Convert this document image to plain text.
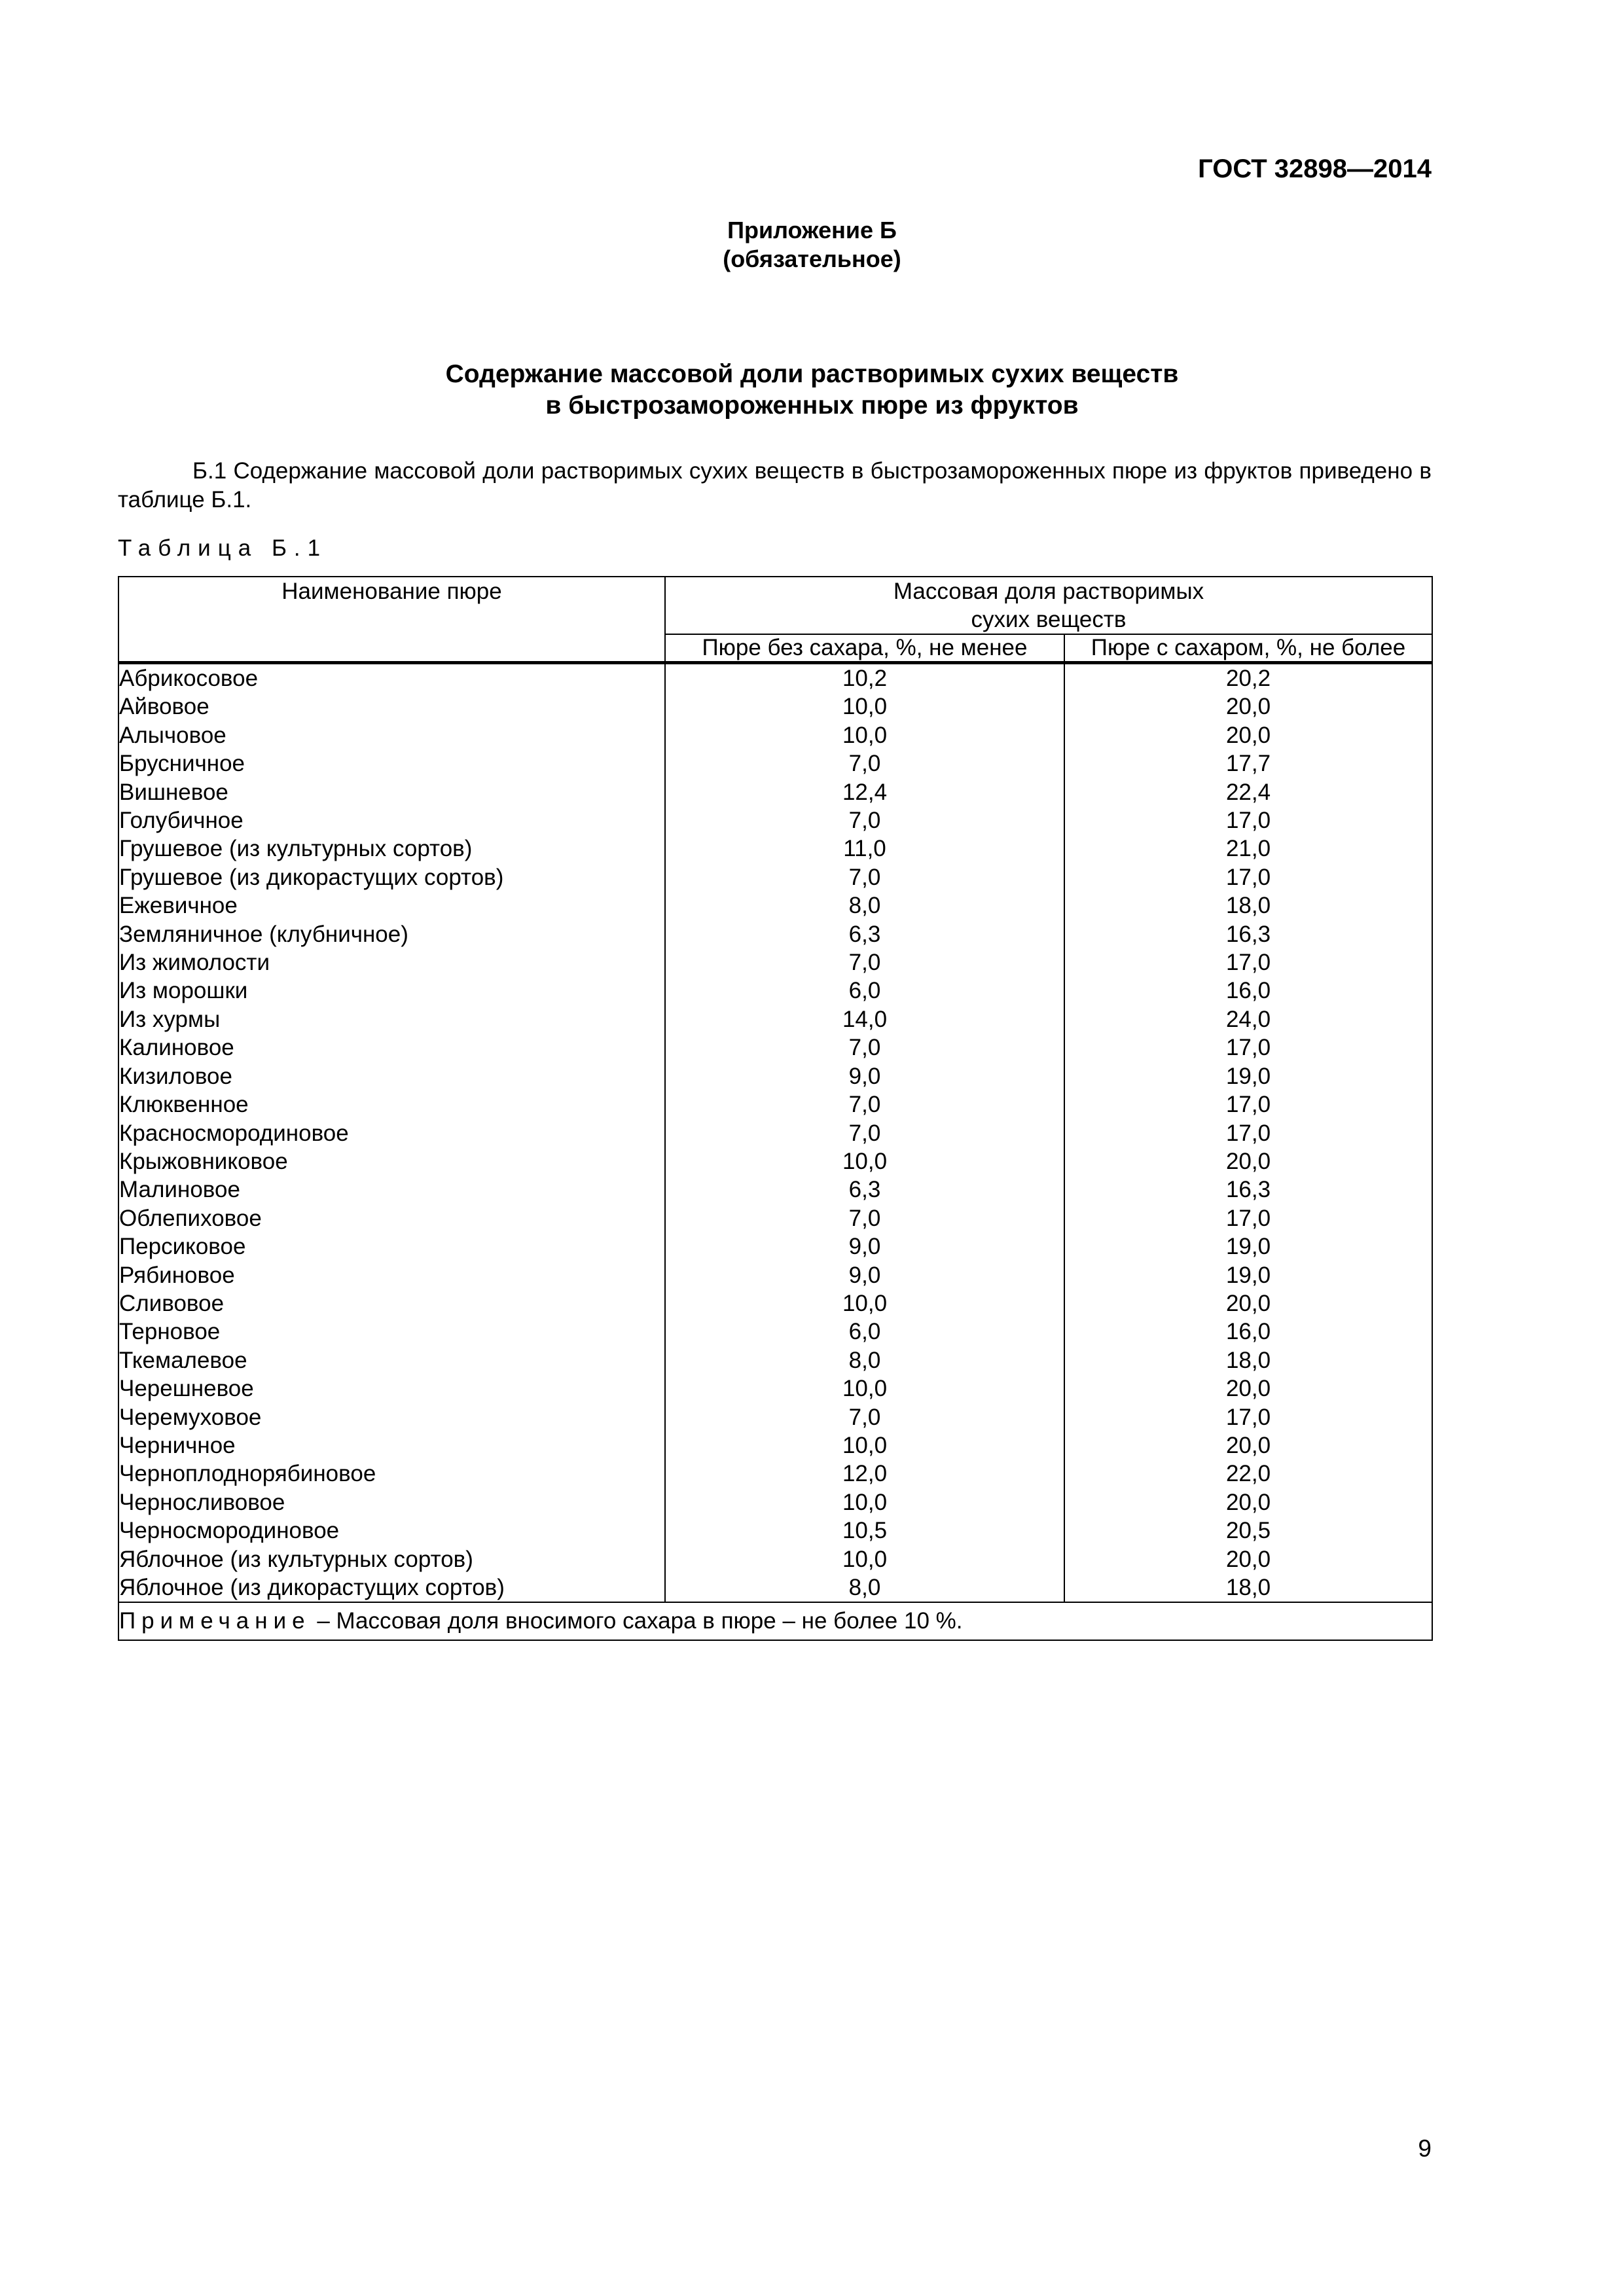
ГОСТ 32898—2014
Приложение Б
(обязательное)
Содержание массовой доли растворимых сухих веществ
в быстрозамороженных пюре из фруктов
Б.1 Содержание массовой доли растворимых сухих веществ в быстрозамороженных пюре из фруктов приведено в таблице Б.1.
Таблица Б.1
Наименование пюре	Массовая доля растворимых
сухих веществ	

	Пюре без сахара, %, не менее	Пюре с сахаром, %, не более
Абрикосовое	10,2	20,2
Айвовое	10,0	20,0
Алычовое	10,0	20,0
Брусничное	7,0	17,7
Вишневое	12,4	22,4
Голубичное	7,0	17,0
Грушевое (из культурных сортов)	11,0	21,0
Грушевое (из дикорастущих сортов)	7,0	17,0
Ежевичное	8,0	18,0
Земляничное (клубничное)	6,3	16,3
Из жимолости	7,0	17,0
Из морошки	6,0	16,0
Из хурмы	14,0	24,0
Калиновое	7,0	17,0
Кизиловое	9,0	19,0
Клюквенное	7,0	17,0
Красносмородиновое	7,0	17,0
Крыжовниковое	10,0	20,0
Малиновое	6,3	16,3
Облепиховое	7,0	17,0
Персиковое	9,0	19,0
Рябиновое	9,0	19,0
Сливовое	10,0	20,0
Терновое	6,0	16,0
Ткемалевое	8,0	18,0
Черешневое	10,0	20,0
Черемуховое	7,0	17,0
Черничное	10,0	20,0
Черноплоднорябиновое	12,0	22,0
Черносливовое	10,0	20,0
Черносмородиновое	10,5	20,5
Яблочное (из культурных сортов)	10,0	20,0
Яблочное (из дикорастущих сортов)	8,0	18,0
Примечание – Массовая доля вносимого сахара в пюре – не более 10 %.		
9
